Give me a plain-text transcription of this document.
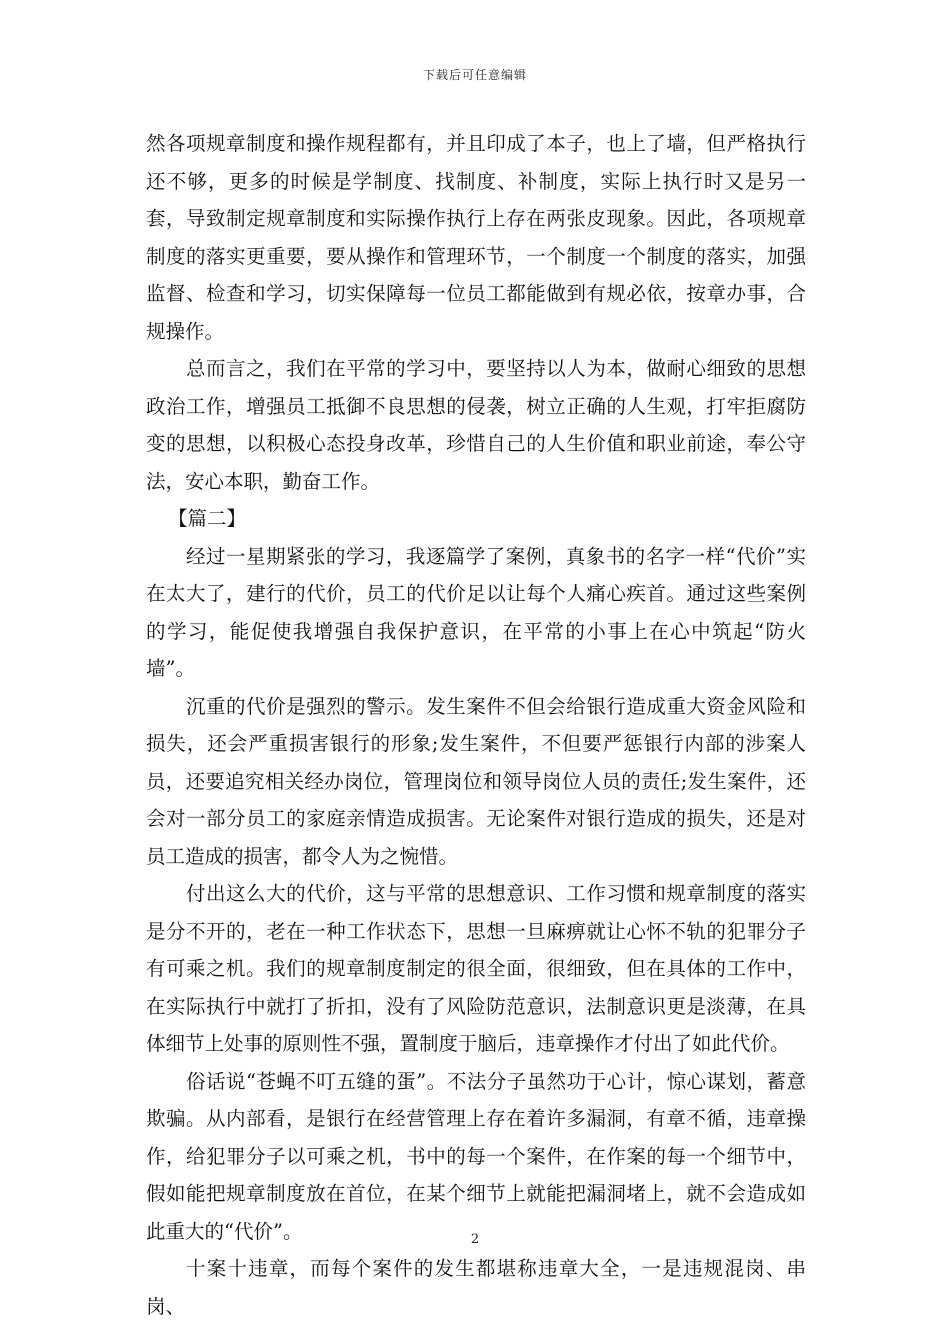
下载后可任意编辑

然各项规章制度和操作规程都有，并且印成了本子，也上了墙，但严格执行还不够，更多的时候是学制度、找制度、补制度，实际上执行时又是另一套，导致制定规章制度和实际操作执行上存在两张皮现象。因此，各项规章制度的落实更重要，要从操作和管理环节，一个制度一个制度的落实，加强监督、检查和学习，切实保障每一位员工都能做到有规必依，按章办事，合规操作。

总而言之，我们在平常的学习中，要坚持以人为本，做耐心细致的思想政治工作，增强员工抵御不良思想的侵袭，树立正确的人生观，打牢拒腐防变的思想，以积极心态投身改革，珍惜自己的人生价值和职业前途，奉公守法，安心本职，勤奋工作。

【篇二】

经过一星期紧张的学习，我逐篇学了案例，真象书的名字一样“代价”实在太大了，建行的代价，员工的代价足以让每个人痛心疾首。通过这些案例的学习，能促使我增强自我保护意识，在平常的小事上在心中筑起“防火墙”。

沉重的代价是强烈的警示。发生案件不但会给银行造成重大资金风险和损失，还会严重损害银行的形象;发生案件，不但要严惩银行内部的涉案人员，还要追究相关经办岗位，管理岗位和领导岗位人员的责任;发生案件，还会对一部分员工的家庭亲情造成损害。无论案件对银行造成的损失，还是对员工造成的损害，都令人为之惋惜。

付出这么大的代价，这与平常的思想意识、工作习惯和规章制度的落实是分不开的，老在一种工作状态下，思想一旦麻痹就让心怀不轨的犯罪分子有可乘之机。我们的规章制度制定的很全面，很细致，但在具体的工作中，在实际执行中就打了折扣，没有了风险防范意识，法制意识更是淡薄，在具体细节上处事的原则性不强，置制度于脑后，违章操作才付出了如此代价。

俗话说“苍蝇不叮五缝的蛋”。不法分子虽然功于心计，惊心谋划，蓄意欺骗。从内部看，是银行在经营管理上存在着许多漏洞，有章不循，违章操作，给犯罪分子以可乘之机，书中的每一个案件，在作案的每一个细节中，假如能把规章制度放在首位，在某个细节上就能把漏洞堵上，就不会造成如此重大的“代价”。

十案十违章，而每个案件的发生都堪称违章大全，一是违规混岗、串岗、

2
